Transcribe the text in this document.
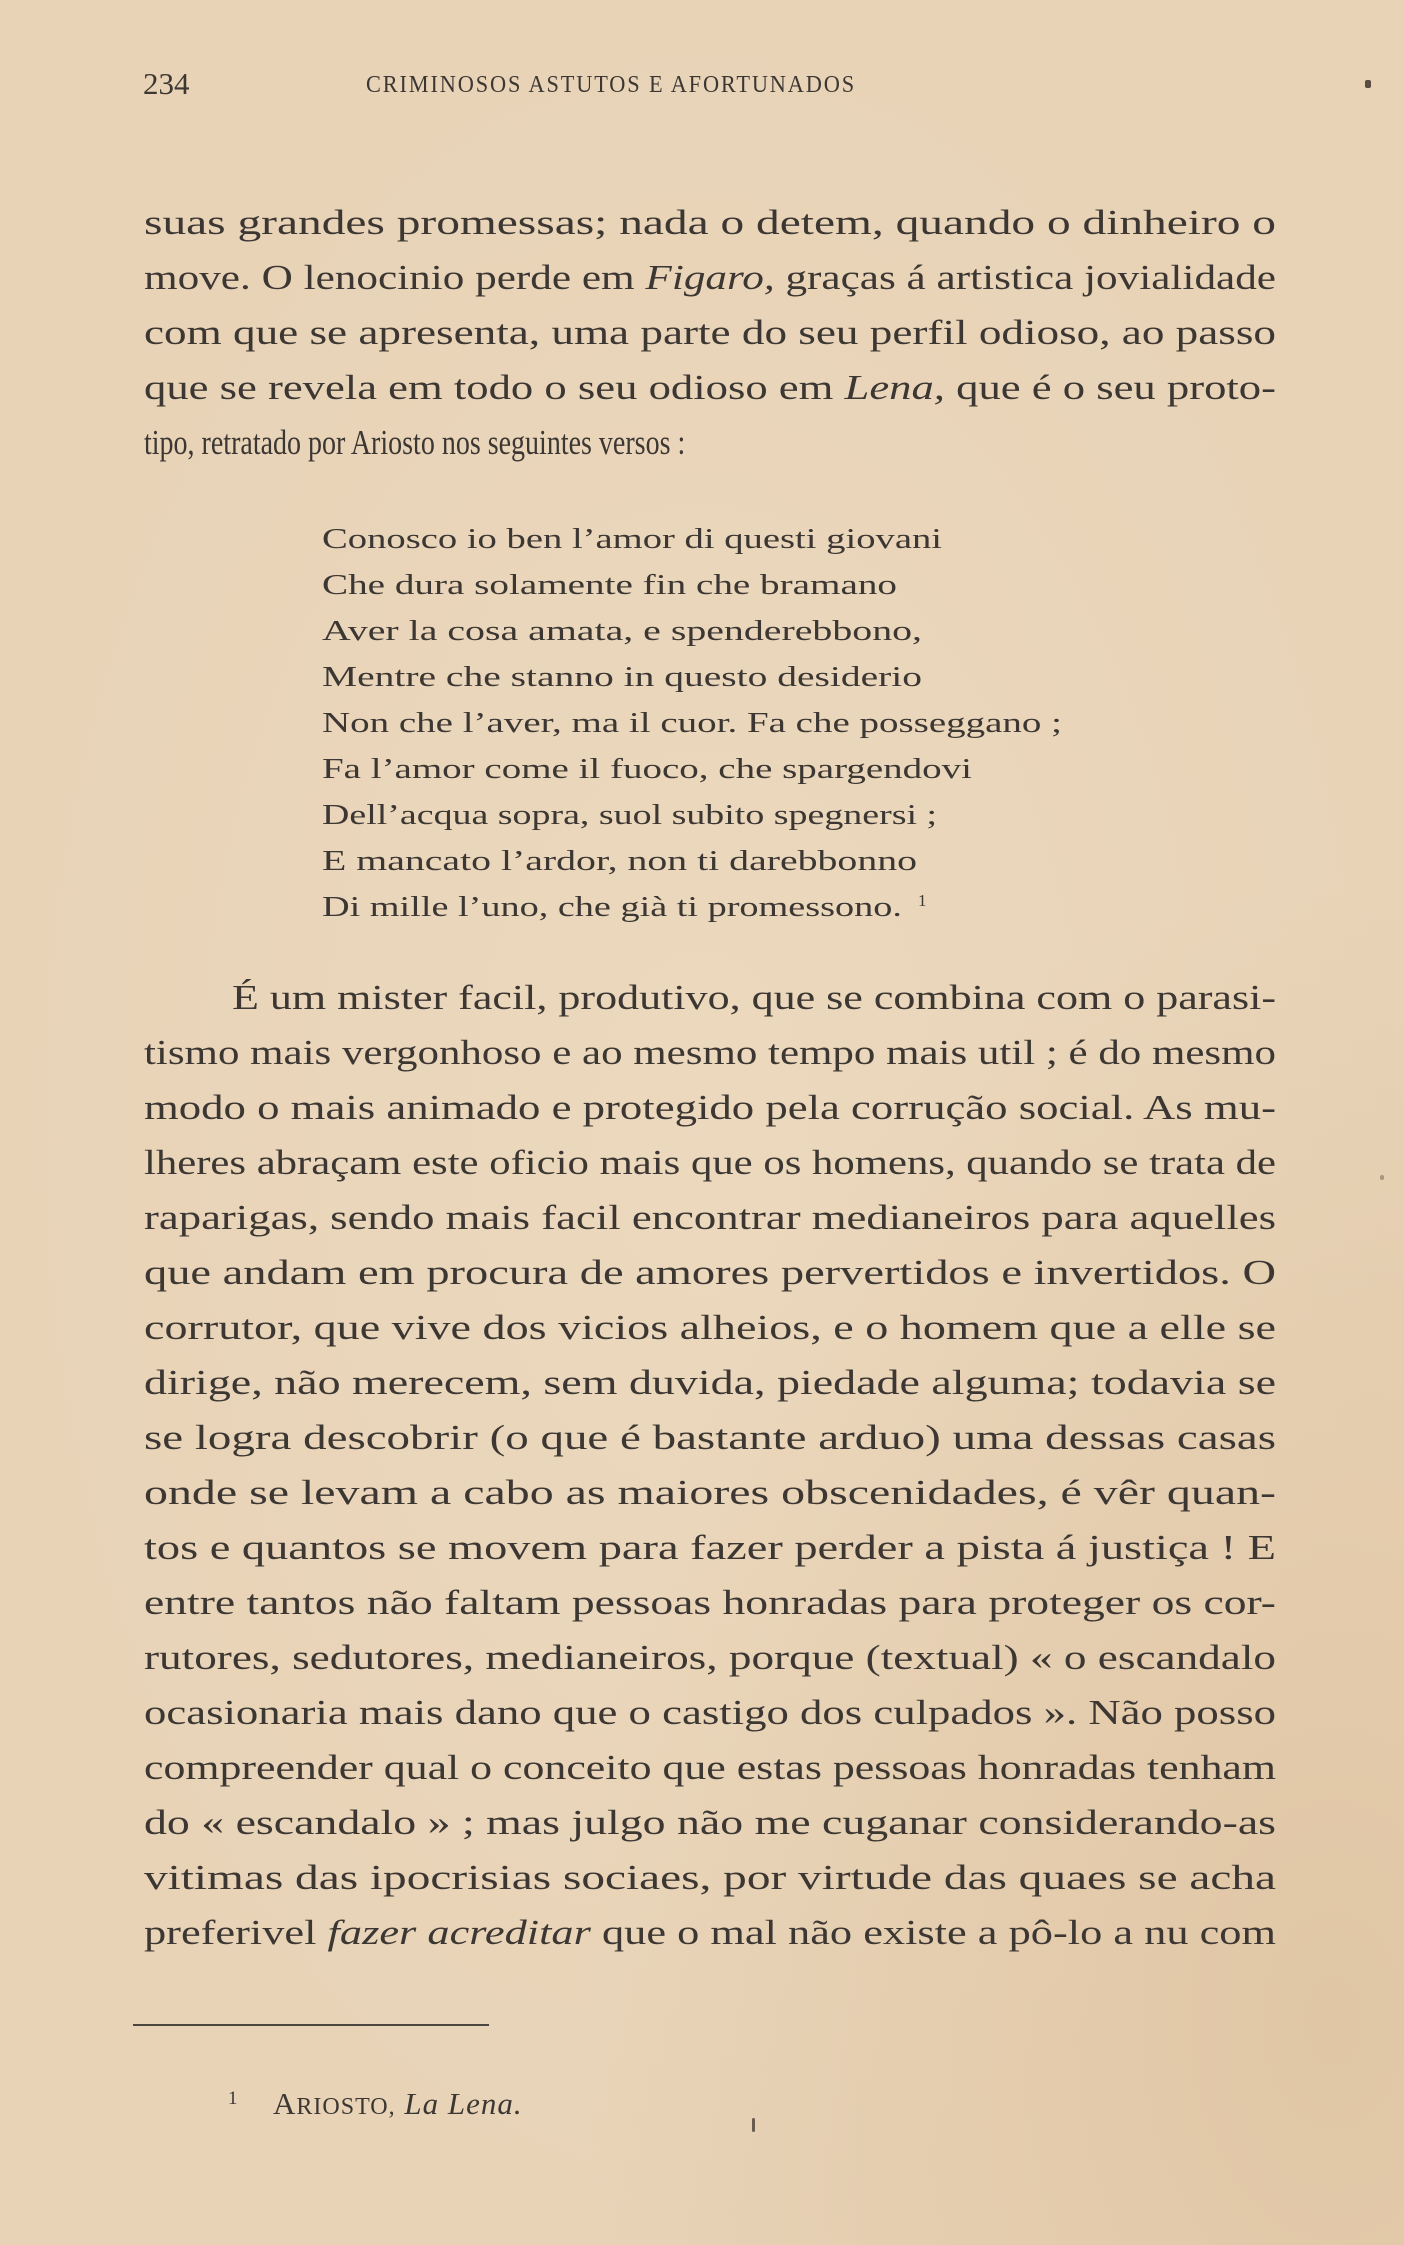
234	CRIMINOSOS ASTUTOS E AFORTUNADOS
suas grandes promessas; nada o detem, quando o dinheiro o
move. O lenocinio perde em Figaro, graças á artistica jovialidade
com que se apresenta, uma parte do seu perfil odioso, ao passo
que se revela em todo o seu odioso em Lena, que é o seu proto-
tipo, retratado por Ariosto nos seguintes versos :
Conosco io ben l’amor di questi giovani
Che dura solamente fin che bramano
Aver la cosa amata, e spenderebbono,
Mentre che stanno in questo desiderio
Non che l’aver, ma il cuor. Fa che posseggano ;
Fa l’amor come il fuoco, che spargendovi
Dell’acqua sopra, suol subito spegnersi ;
E mancato l’ardor, non ti darebbonno
Di mille l’uno, che già ti promessono. 1
É um mister facil, produtivo, que se combina com o parasi-
tismo mais vergonhoso e ao mesmo tempo mais util ; é do mesmo
modo o mais animado e protegido pela corrução social. As mu-
lheres abraçam este oficio mais que os homens, quando se trata de
raparigas, sendo mais facil encontrar medianeiros para aquelles
que andam em procura de amores pervertidos e invertidos. O
corrutor, que vive dos vicios alheios, e o homem que a elle se
dirige, não merecem, sem duvida, piedade alguma; todavia se
se logra descobrir (o que é bastante arduo) uma dessas casas
onde se levam a cabo as maiores obscenidades, é vêr quan-
tos e quantos se movem para fazer perder a pista á justiça ! E
entre tantos não faltam pessoas honradas para proteger os cor-
rutores, sedutores, medianeiros, porque (textual) « o escandalo
ocasionaria mais dano que o castigo dos culpados ». Não posso
compreender qual o conceito que estas pessoas honradas tenham
do « escandalo » ; mas julgo não me cuganar considerando-as
vitimas das ipocrisias sociaes, por virtude das quaes se acha
preferivel fazer acreditar que o mal não existe a pô-lo a nu com
1 ARIOSTO, La Lena.
